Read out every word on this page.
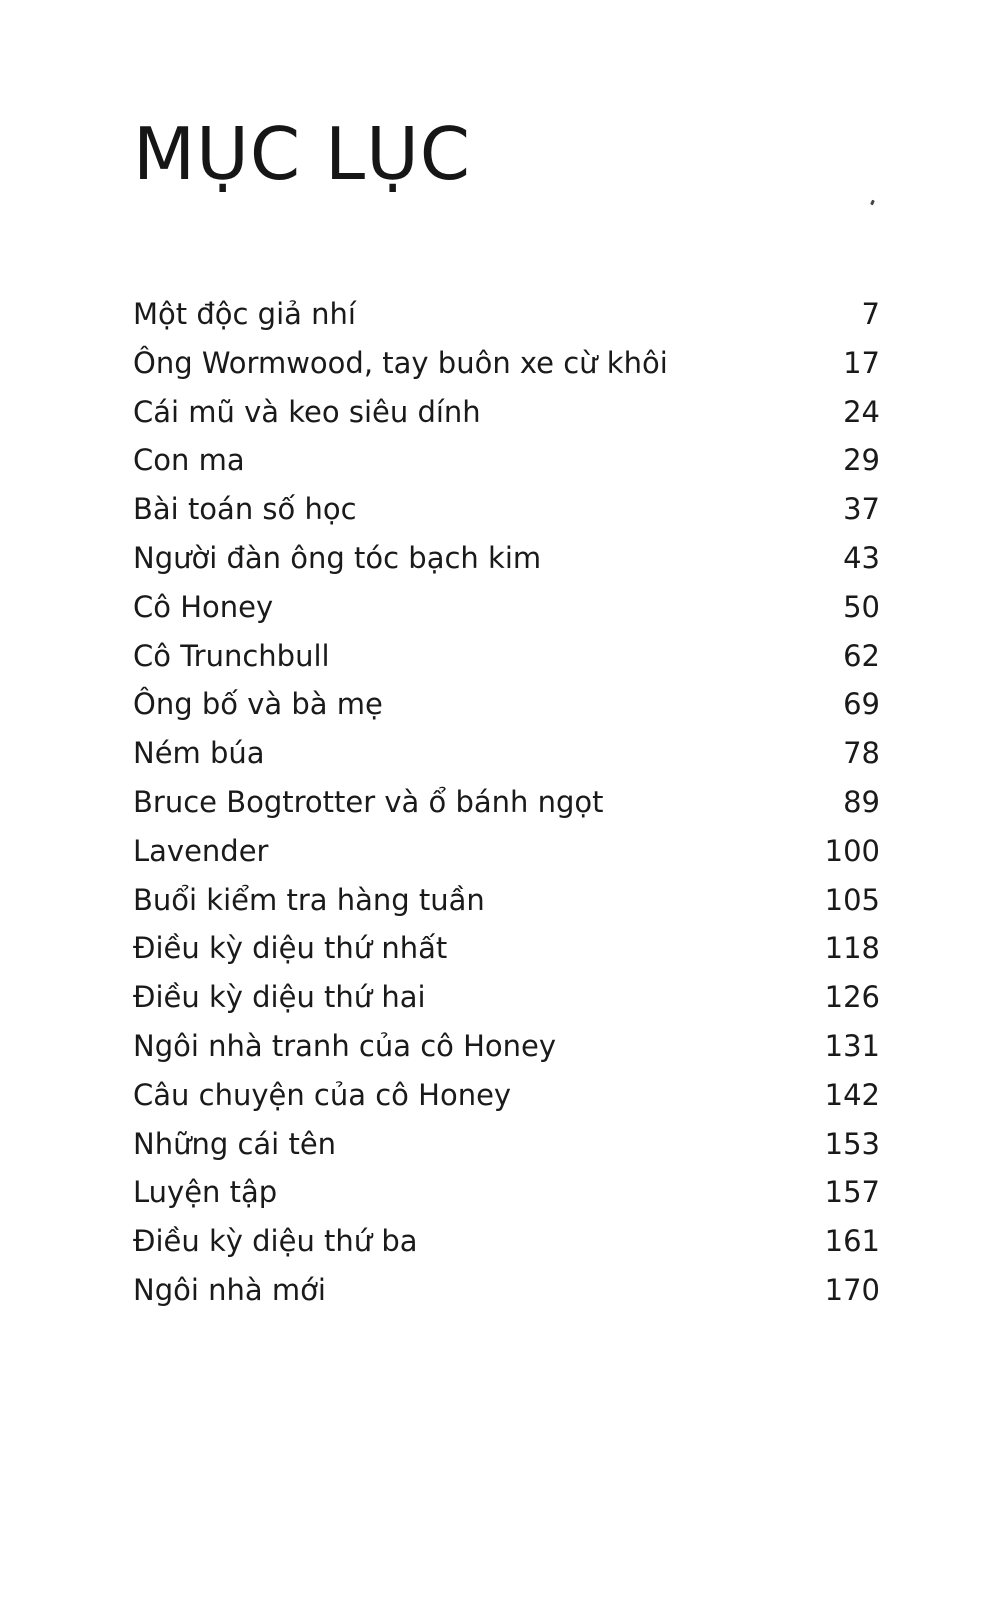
MỤC LỤC
Một độc giả nhí	7
Ông Wormwood, tay buôn xe cừ khôi	17
Cái mũ và keo siêu dính	24
Con ma	29
Bài toán số học	37
Người đàn ông tóc bạch kim	43
Cô Honey	50
Cô Trunchbull	62
Ông bố và bà mẹ	69
Ném búa	78
Bruce Bogtrotter và ổ bánh ngọt	89
Lavender	100
Buổi kiểm tra hàng tuần	105
Điều kỳ diệu thứ nhất	118
Điều kỳ diệu thứ hai	126
Ngôi nhà tranh của cô Honey	131
Câu chuyện của cô Honey	142
Những cái tên	153
Luyện tập	157
Điều kỳ diệu thứ ba	161
Ngôi nhà mới	170
